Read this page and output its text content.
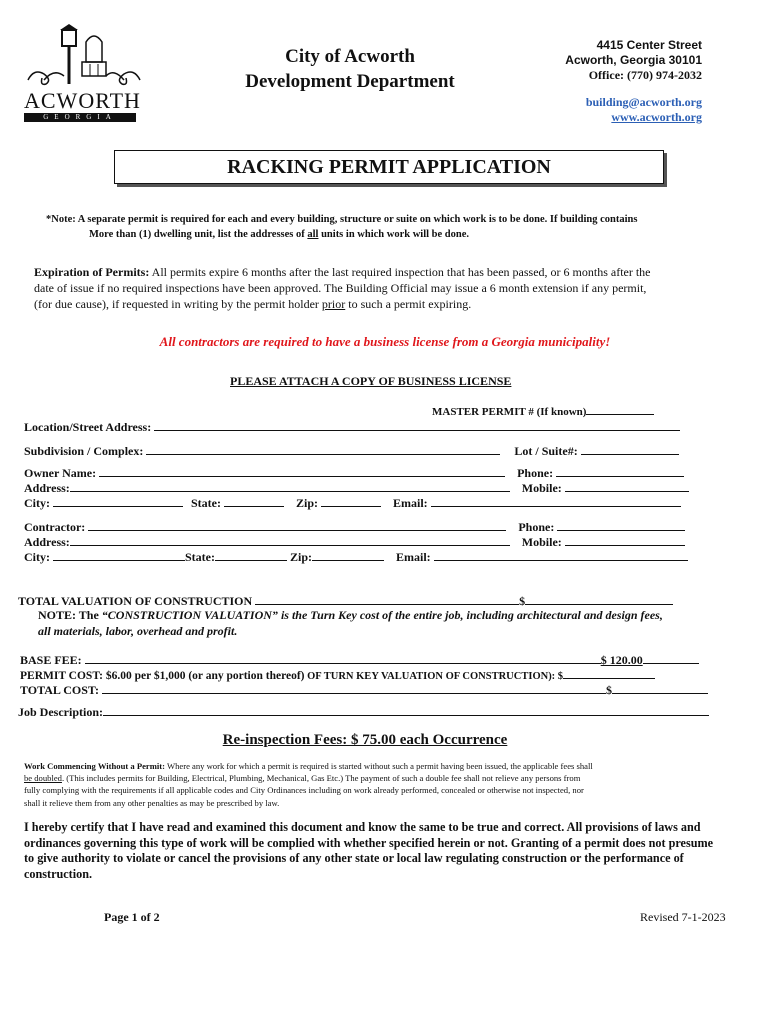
ACWORTH
GEORGIA
City of Acworth
Development Department
4415 Center Street
Acworth, Georgia 30101
Office: (770) 974-2032
building@acworth.org
www.acworth.org
RACKING PERMIT APPLICATION
*Note: A separate permit is required for each and every building, structure or suite on which work is to be done. If building contains
More than (1) dwelling unit, list the addresses of all units in which work will be done.
Expiration of Permits: All permits expire 6 months after the last required inspection that has been passed, or 6 months after the
date of issue if no required inspections have been approved. The Building Official may issue a 6 month extension if any permit,
(for due cause), if requested in writing by the permit holder prior to such a permit expiring.
All contractors are required to have a business license from a Georgia municipality!
PLEASE ATTACH A COPY OF BUSINESS LICENSE
MASTER PERMIT # (If known)
Location/Street Address:
Subdivision / Complex:	Lot / Suite#:
Owner Name:	Phone:
Address:	Mobile:
City:	State:	Zip:	Email:
Contractor:	Phone:
Address:	Mobile:
City:	State:	Zip:	Email:
TOTAL VALUATION OF CONSTRUCTION	$
NOTE: The “CONSTRUCTION VALUATION” is the Turn Key cost of the entire job, including architectural and design fees,
all materials, labor, overhead and profit.
BASE FEE:	$ 120.00
PERMIT COST: $6.00 per $1,000 (or any portion thereof) OF TURN KEY VALUATION OF CONSTRUCTION): $
TOTAL COST:	$
Job Description:
Re-inspection Fees: $ 75.00 each Occurrence
Work Commencing Without a Permit: Where any work for which a permit is required is started without such a permit having been issued, the applicable fees shall
be doubled. (This includes permits for Building, Electrical, Plumbing, Mechanical, Gas Etc.) The payment of such a double fee shall not relieve any persons from
fully complying with the requirements if all applicable codes and City Ordinances including on work already performed, concealed or otherwise not inspected, nor
shall it relieve them from any other penalties as may be prescribed by law.
I hereby certify that I have read and examined this document and know the same to be true and correct. All provisions of laws and
ordinances governing this type of work will be complied with whether specified herein or not. Granting of a permit does not presume
to give authority to violate or cancel the provisions of any other state or local law regulating construction or the performance of
construction.
Page 1 of 2	Revised 7-1-2023
